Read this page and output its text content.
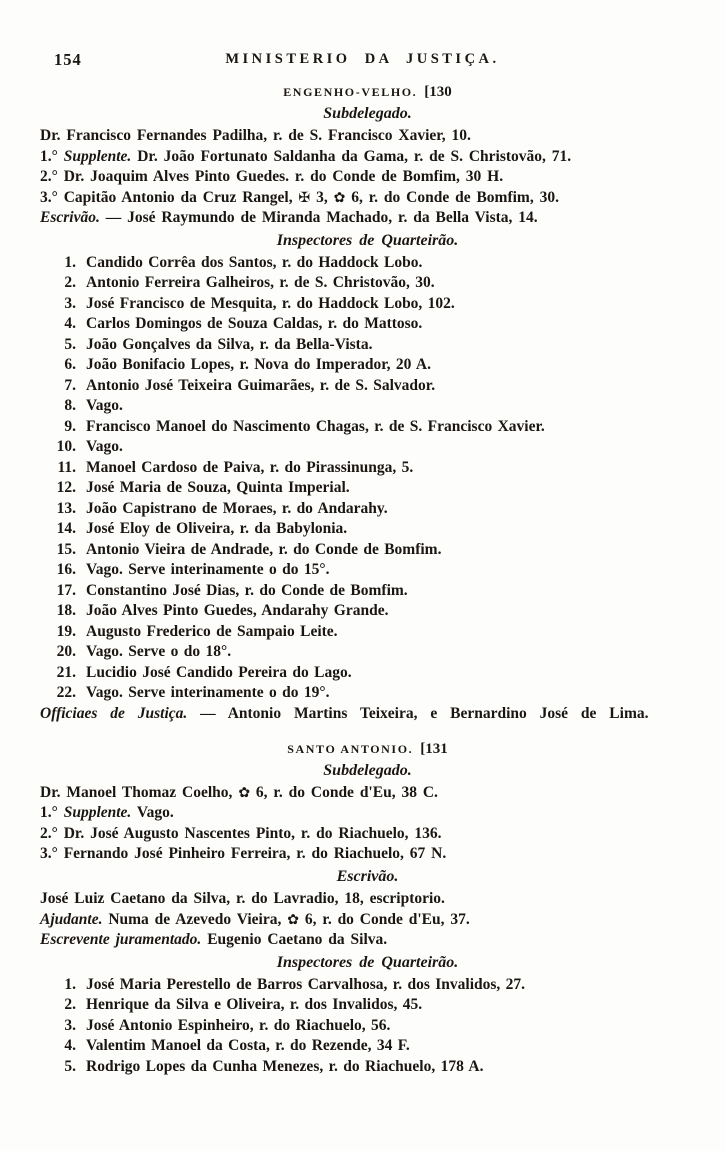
154	MINISTERIO DA JUSTIÇA.
ENGENHO-VELHO. [130
Subdelegado.
Dr. Francisco Fernandes Padilha, r. de S. Francisco Xavier, 10.
1.° Supplente. Dr. João Fortunato Saldanha da Gama, r. de S. Christovão, 71.
2.° Dr. Joaquim Alves Pinto Guedes. r. do Conde de Bomfim, 30 H.
3.° Capitão Antonio da Cruz Rangel, ✠ 3, ✿ 6, r. do Conde de Bomfim, 30.
Escrivão. — José Raymundo de Miranda Machado, r. da Bella Vista, 14.
Inspectores de Quarteirão.
1. Candido Corrêa dos Santos, r. do Haddock Lobo.
2. Antonio Ferreira Galheiros, r. de S. Christovão, 30.
3. José Francisco de Mesquita, r. do Haddock Lobo, 102.
4. Carlos Domingos de Souza Caldas, r. do Mattoso.
5. João Gonçalves da Silva, r. da Bella-Vista.
6. João Bonifacio Lopes, r. Nova do Imperador, 20 A.
7. Antonio José Teixeira Guimarães, r. de S. Salvador.
8. Vago.
9. Francisco Manoel do Nascimento Chagas, r. de S. Francisco Xavier.
10. Vago.
11. Manoel Cardoso de Paiva, r. do Pirassinunga, 5.
12. José Maria de Souza, Quinta Imperial.
13. João Capistrano de Moraes, r. do Andarahy.
14. José Eloy de Oliveira, r. da Babylonia.
15. Antonio Vieira de Andrade, r. do Conde de Bomfim.
16. Vago. Serve interinamente o do 15°.
17. Constantino José Dias, r. do Conde de Bomfim.
18. João Alves Pinto Guedes, Andarahy Grande.
19. Augusto Frederico de Sampaio Leite.
20. Vago. Serve o do 18°.
21. Lucidio José Candido Pereira do Lago.
22. Vago. Serve interinamente o do 19°.
Officiaes de Justiça. — Antonio Martins Teixeira, e Bernardino José de Lima.
SANTO ANTONIO. [131
Subdelegado.
Dr. Manoel Thomaz Coelho, ✿ 6, r. do Conde d'Eu, 38 C.
1.° Supplente. Vago.
2.° Dr. José Augusto Nascentes Pinto, r. do Riachuelo, 136.
3.° Fernando José Pinheiro Ferreira, r. do Riachuelo, 67 N.
Escrivão.
José Luiz Caetano da Silva, r. do Lavradio, 18, escriptorio.
Ajudante. Numa de Azevedo Vieira, ✿ 6, r. do Conde d'Eu, 37.
Escrevente juramentado. Eugenio Caetano da Silva.
Inspectores de Quarteirão.
1. José Maria Perestello de Barros Carvalhosa, r. dos Invalidos, 27.
2. Henrique da Silva e Oliveira, r. dos Invalidos, 45.
3. José Antonio Espinheiro, r. do Riachuelo, 56.
4. Valentim Manoel da Costa, r. do Rezende, 34 F.
5. Rodrigo Lopes da Cunha Menezes, r. do Riachuelo, 178 A.
